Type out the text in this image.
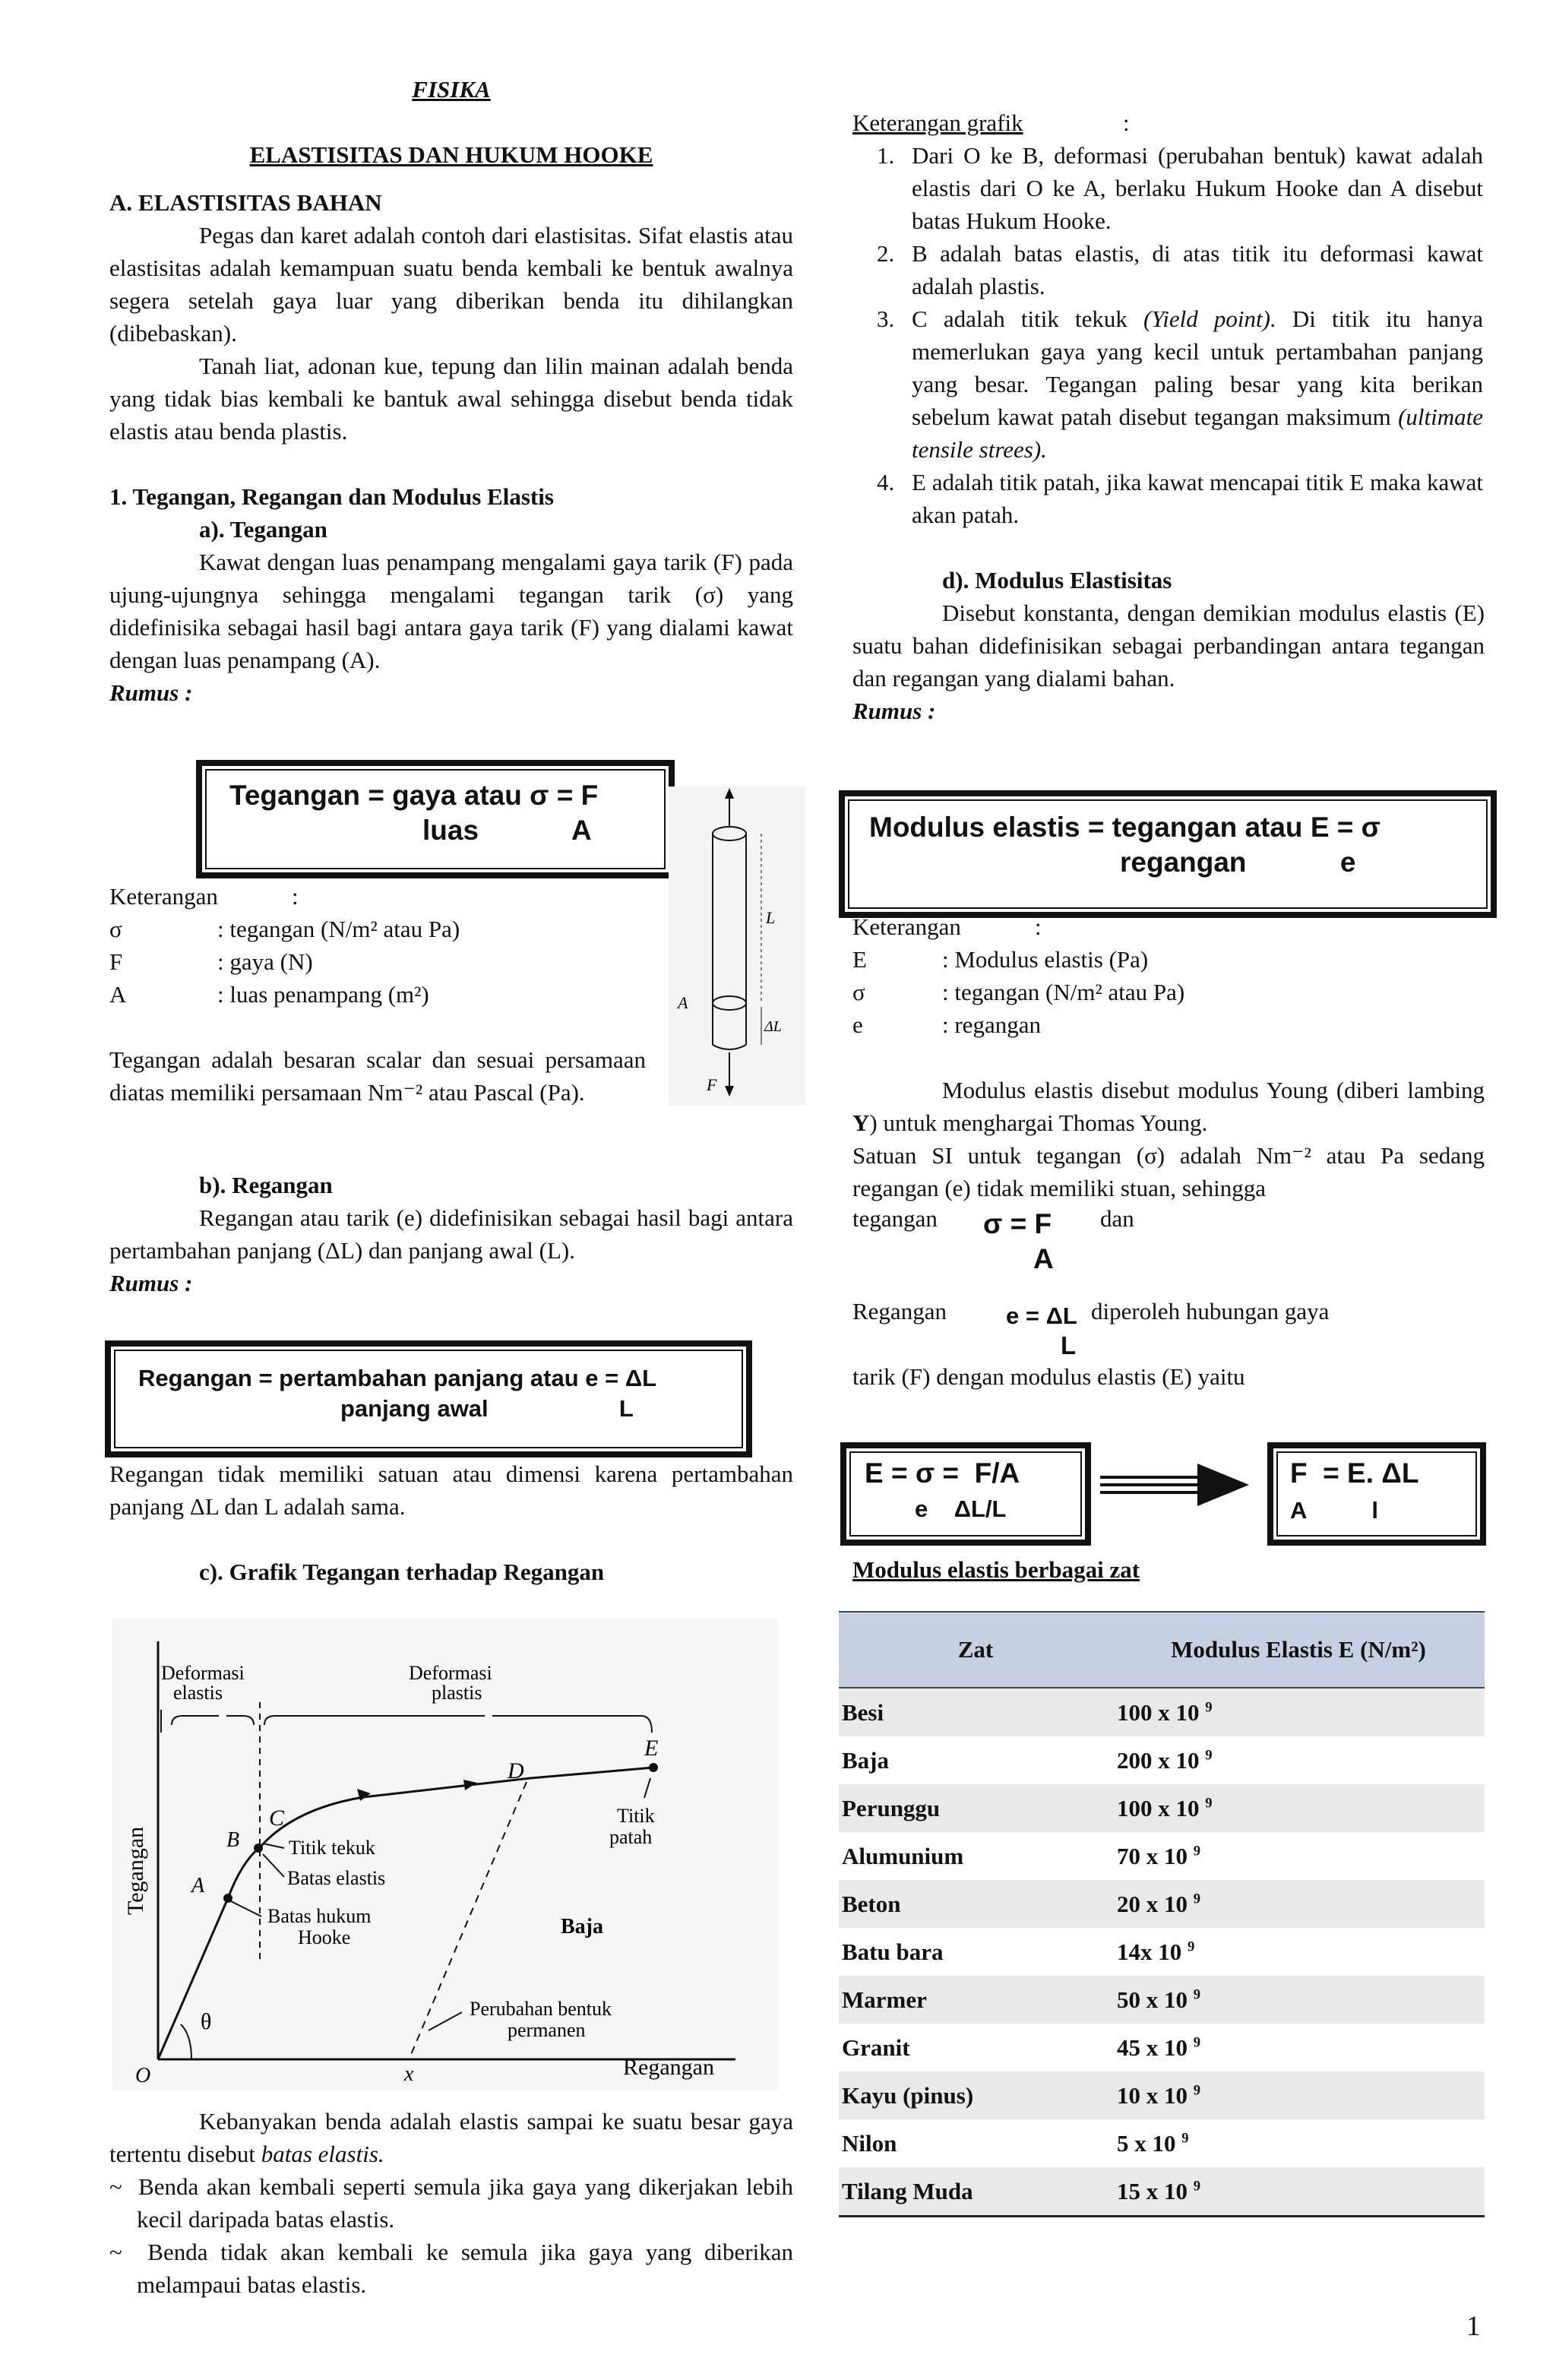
FISIKA

ELASTISITAS DAN HUKUM HOOKE

A. ELASTISITAS BAHAN

Pegas dan karet adalah contoh dari elastisitas. Sifat elastis atau elastisitas adalah kemampuan suatu benda kembali ke bentuk awalnya segera setelah gaya luar yang diberikan benda itu dihilangkan (dibebaskan).

Tanah liat, adonan kue, tepung dan lilin mainan adalah benda yang tidak bias kembali ke bantuk awal sehingga disebut benda tidak elastis atau benda plastis.

1. Tegangan, Regangan dan Modulus Elastis

a). Tegangan

Kawat dengan luas penampang mengalami gaya tarik (F) pada ujung-ujungnya sehingga mengalami tegangan tarik (σ) yang didefinisika sebagai hasil bagi antara gaya tarik (F) yang dialami kawat dengan luas penampang (A).

Rumus :

Tegangan = gaya atau σ = F
luas            A
Keterangan	:
σ	: tegangan (N/m² atau Pa)
F	: gaya (N)
A	: luas penampang (m²)

Tegangan adalah besaran scalar dan sesuai persamaan diatas memiliki persamaan Nm⁻² atau Pascal (Pa).

L
A
ΔL
F

b). Regangan

Regangan atau tarik (e) didefinisikan sebagai hasil bagi antara pertambahan panjang (ΔL) dan panjang awal (L).

Rumus :

Regangan = pertambahan panjang atau e = ΔL
panjang awal                    L

Regangan tidak memiliki satuan atau dimensi karena pertambahan panjang ΔL dan L adalah sama.

c). Grafik Tegangan terhadap Regangan

Deformasi
elastis
Deformasi
plastis
O
A
B
C
D
E
x	Regangan
Tegangan	Titik tekuk
Batas elastis
Batas hukum
Hooke
Titik
patah
Baja
Perubahan bentuk
permanen
θ

Kebanyakan benda adalah elastis sampai ke suatu besar gaya tertentu disebut batas elastis.

~ Benda akan kembali seperti semula jika gaya yang dikerjakan lebih kecil daripada batas elastis.

~ Benda tidak akan kembali ke semula jika gaya yang diberikan melampaui batas elastis.

Keterangan grafik	:
1. Dari O ke B, deformasi (perubahan bentuk) kawat adalah elastis dari O ke A, berlaku Hukum Hooke dan A disebut batas Hukum Hooke.
2. B adalah batas elastis, di atas titik itu deformasi kawat adalah plastis.
3. C adalah titik tekuk (Yield point). Di titik itu hanya memerlukan gaya yang kecil untuk pertambahan panjang yang besar. Tegangan paling besar yang kita berikan sebelum kawat patah disebut tegangan maksimum (ultimate tensile strees).
4. E adalah titik patah, jika kawat mencapai titik E maka kawat akan patah.

d). Modulus Elastisitas

Disebut konstanta, dengan demikian modulus elastis (E) suatu bahan didefinisikan sebagai perbandingan antara tegangan dan regangan yang dialami bahan.

Rumus :

Modulus elastis = tegangan atau E = σ
regangan            e
Keterangan	:
E	: Modulus elastis (Pa)
σ	: tegangan (N/m² atau Pa)
e	: regangan

Modulus elastis disebut modulus Young (diberi lambing Y) untuk menghargai Thomas Young.

Satuan SI untuk tegangan (σ) adalah Nm⁻² atau Pa sedang regangan (e) tidak memiliki stuan, sehingga

tegangan σ = F
A
dan
Regangan	e = ΔL
L
diperoleh hubungan gaya
tarik (F) dengan modulus elastis (E) yaitu
E = σ =  F/A
e    ΔL/L
F  = E. ΔL
A          l
Modulus elastis berbagai zat
Zat	Modulus Elastis E (N/m²)
Besi	100 x 10 $^9$
Baja	200 x 10 $^9$
Perunggu	100 x 10 $^9$
Alumunium	70 x 10 $^9$
Beton	20 x 10 $^9$
Batu bara	14x 10 $^9$
Marmer	50 x 10 $^9$
Granit	45 x 10 $^9$
Kayu (pinus)	10 x 10 $^9$
Nilon	5 x 10 $^9$
Tilang Muda	15 x 10 $^9$
1
